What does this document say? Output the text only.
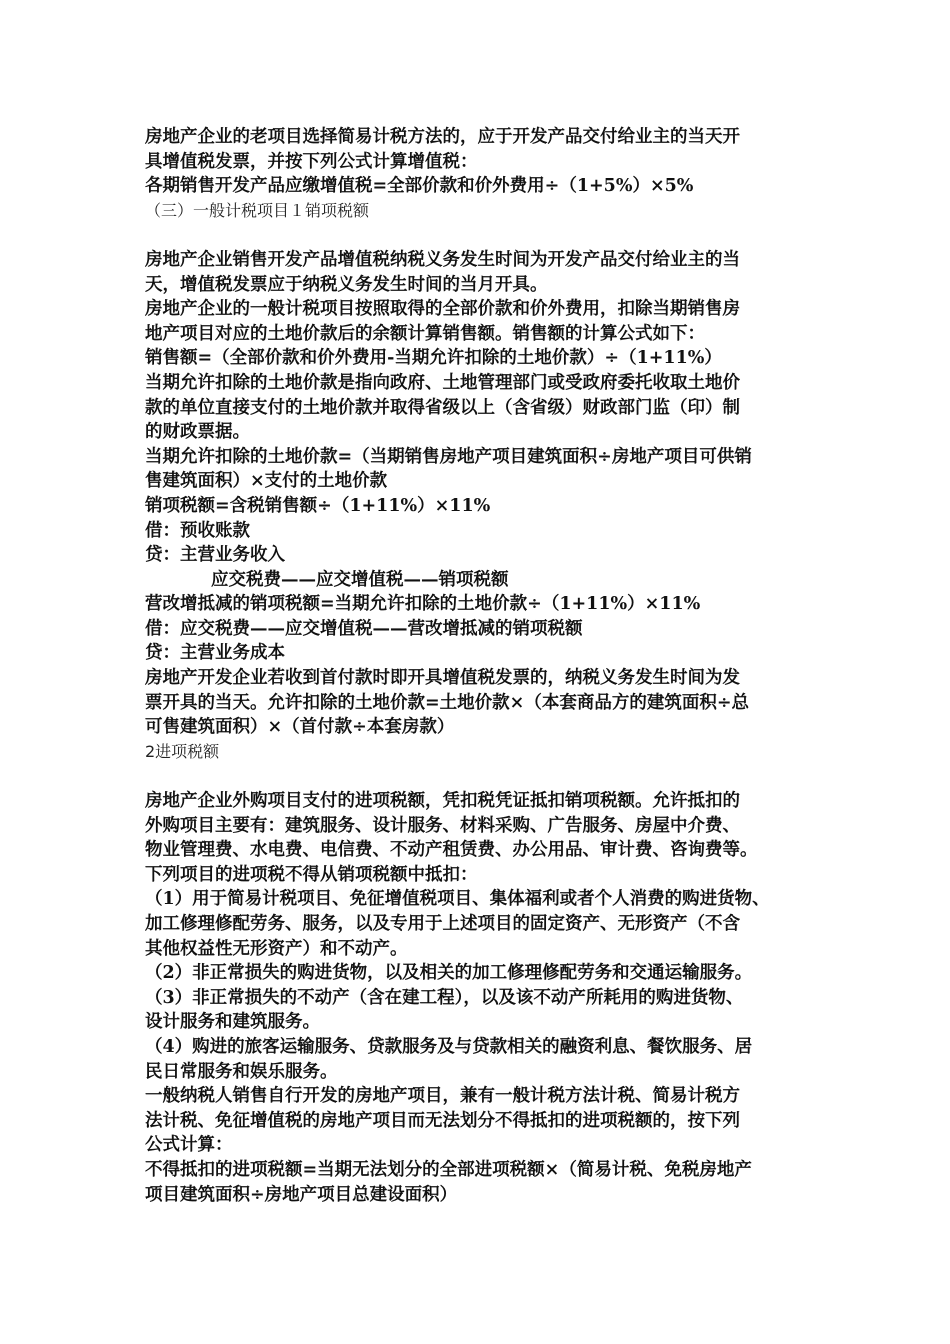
房地产企业的老项目选择简易计税方法的，应于开发产品交付给业主的当天开
具增值税发票，并按下列公式计算增值税：
各期销售开发产品应缴增值税=全部价款和价外费用÷（1+5%）×5%
（三）一般计税项目１销项税额
房地产企业销售开发产品增值税纳税义务发生时间为开发产品交付给业主的当
天，增值税发票应于纳税义务发生时间的当月开具。
房地产企业的一般计税项目按照取得的全部价款和价外费用，扣除当期销售房
地产项目对应的土地价款后的余额计算销售额。销售额的计算公式如下：
销售额=（全部价款和价外费用-当期允许扣除的土地价款）÷（1+11%）
当期允许扣除的土地价款是指向政府、土地管理部门或受政府委托收取土地价
款的单位直接支付的土地价款并取得省级以上（含省级）财政部门监（印）制
的财政票据。
当期允许扣除的土地价款=（当期销售房地产项目建筑面积÷房地产项目可供销
售建筑面积）×支付的土地价款
销项税额=含税销售额÷（1+11%）×11%
借：预收账款
贷：主营业务收入
应交税费——应交增值税——销项税额
营改增抵减的销项税额=当期允许扣除的土地价款÷（1+11%）×11%
借：应交税费——应交增值税——营改增抵减的销项税额
贷：主营业务成本
房地产开发企业若收到首付款时即开具增值税发票的，纳税义务发生时间为发
票开具的当天。允许扣除的土地价款=土地价款×（本套商品方的建筑面积÷总
可售建筑面积）×（首付款÷本套房款）
2进项税额
房地产企业外购项目支付的进项税额，凭扣税凭证抵扣销项税额。允许抵扣的
外购项目主要有：建筑服务、设计服务、材料采购、广告服务、房屋中介费、
物业管理费、水电费、电信费、不动产租赁费、办公用品、审计费、咨询费等。
下列项目的进项税不得从销项税额中抵扣：
（1）用于简易计税项目、免征增值税项目、集体福利或者个人消费的购进货物、
加工修理修配劳务、服务，以及专用于上述项目的固定资产、无形资产（不含
其他权益性无形资产）和不动产。
（2）非正常损失的购进货物，以及相关的加工修理修配劳务和交通运输服务。
（3）非正常损失的不动产（含在建工程），以及该不动产所耗用的购进货物、
设计服务和建筑服务。
（4）购进的旅客运输服务、贷款服务及与贷款相关的融资利息、餐饮服务、居
民日常服务和娱乐服务。
一般纳税人销售自行开发的房地产项目，兼有一般计税方法计税、简易计税方
法计税、免征增值税的房地产项目而无法划分不得抵扣的进项税额的，按下列
公式计算：
不得抵扣的进项税额=当期无法划分的全部进项税额×（简易计税、免税房地产
项目建筑面积÷房地产项目总建设面积）
